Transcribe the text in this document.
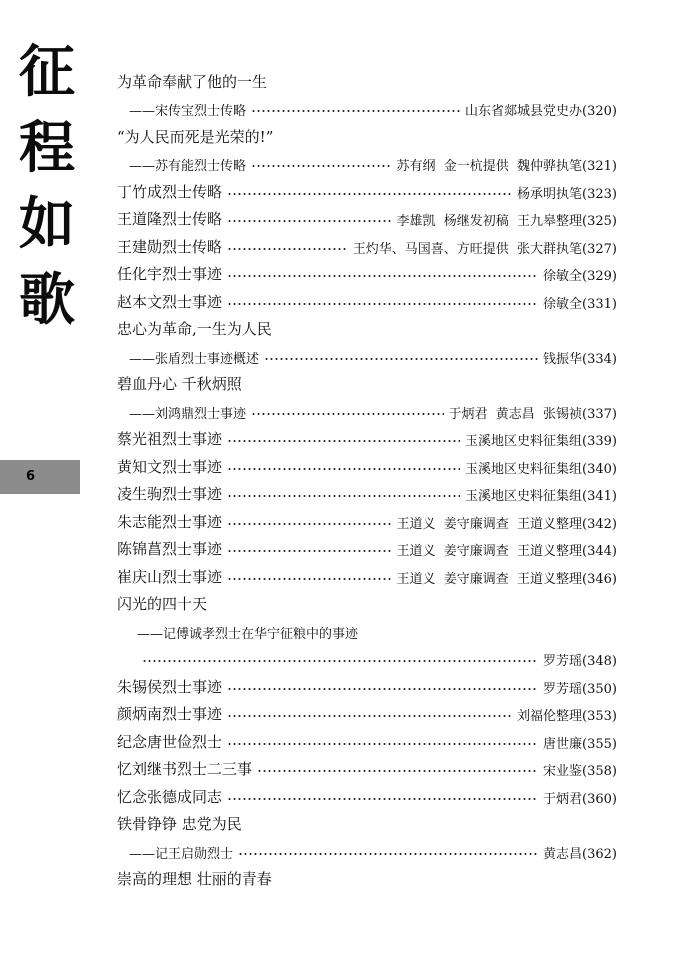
征
程
如
歌
6
为革命奉献了他的一生
——宋传宝烈士传略	山东省郯城县党史办 (320)
“为人民而死是光荣的!”
——苏有能烈士传略	苏有纲  金一杭提供  魏仲骅执笔 (321)
丁竹成烈士传略	杨承明执笔 (323)
王道隆烈士传略	李雄凯  杨继发初稿  王九皋整理 (325)
王建勋烈士传略	王灼华、马国喜、方旺提供  张大群执笔 (327)
任化宇烈士事迹	徐敏全 (329)
赵本文烈士事迹	徐敏全 (331)
忠心为革命,一生为人民
——张盾烈士事迹概述	钱振华 (334)
碧血丹心 千秋炳照
——刘鸿鼎烈士事迹	于炳君  黄志昌  张锡祯 (337)
蔡光祖烈士事迹	玉溪地区史料征集组 (339)
黄知文烈士事迹	玉溪地区史料征集组 (340)
凌生驹烈士事迹	玉溪地区史料征集组 (341)
朱志能烈士事迹	王道义  姜守廉调查  王道义整理 (342)
陈锦菖烈士事迹	王道义  姜守廉调查  王道义整理 (344)
崔庆山烈士事迹	王道义  姜守廉调查  王道义整理 (346)
闪光的四十天
——记傅诚孝烈士在华宁征粮中的事迹
罗芳瑶 (348)
朱锡侯烈士事迹	罗芳瑶 (350)
颜炳南烈士事迹	刘福伦整理 (353)
纪念唐世俭烈士	唐世廉 (355)
忆刘继书烈士二三事	宋业鉴 (358)
忆念张德成同志	于炳君 (360)
铁骨铮铮 忠党为民
——记王启勋烈士	黄志昌 (362)
崇高的理想 壮丽的青春
